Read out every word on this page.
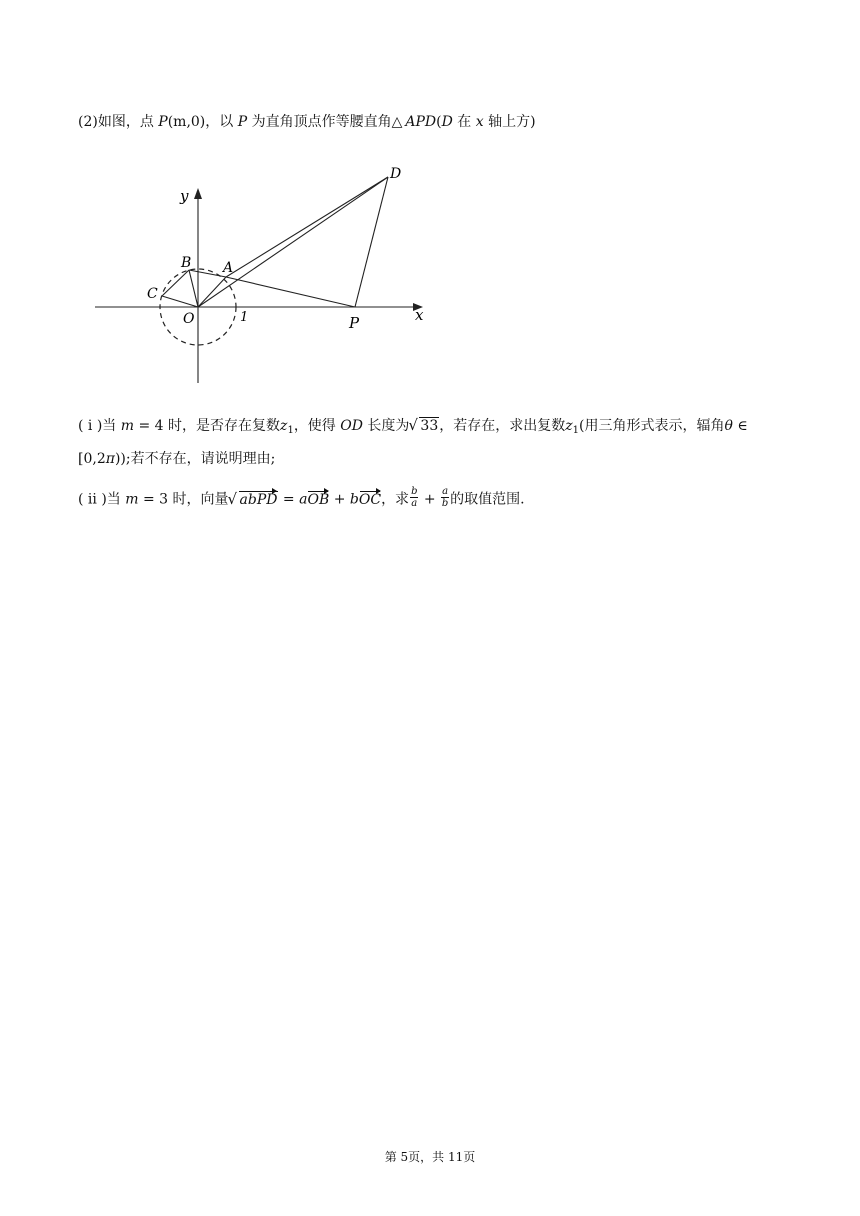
(2)如图，点 P(m,0)，以 P 为直角顶点作等腰直角△ APD(D 在 x 轴上方)
y
x
D
B A
C
O	1	P
( i )当 m = 4 时，是否存在复数$z_1$，使得 OD 长度为 √ 33，若存在，求出复数$z_1$(用三角形式表示，辐角θ ∈
[0,2π));若不存在，请说明理由;
( ii )当 m = 3 时，向量 √ abPD = aOB + bOC，求 $\frac{b}{a} + \frac{a}{b}$ 的取值范围.
第 5页，共 11页
